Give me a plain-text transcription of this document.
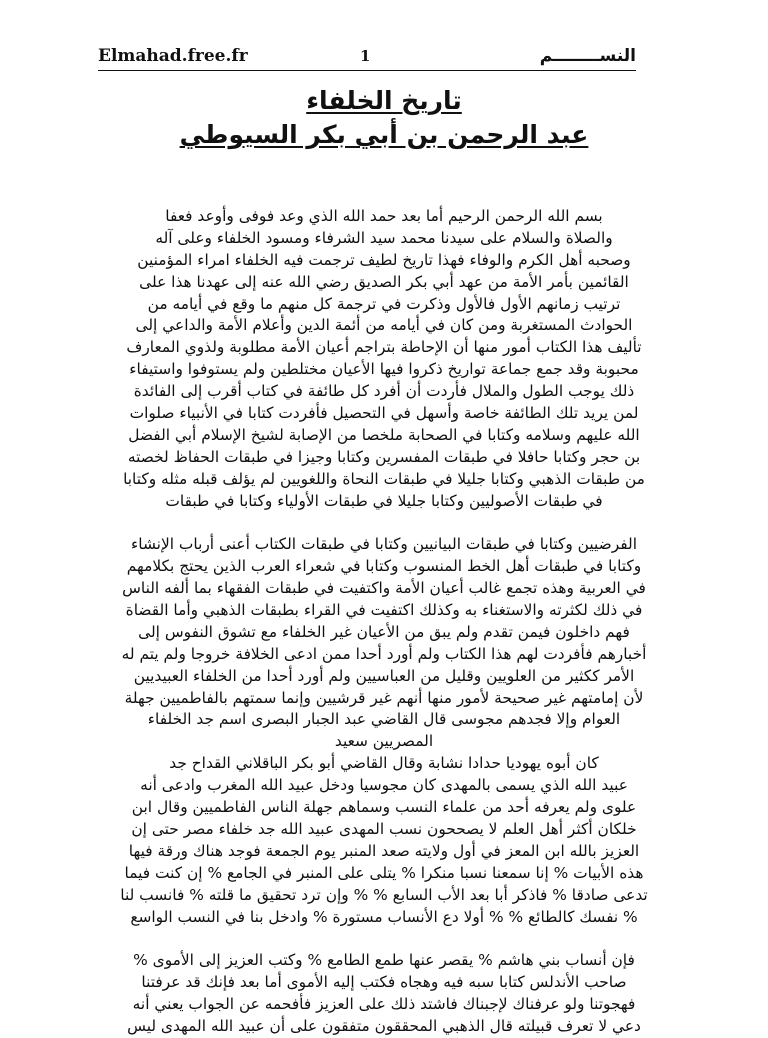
Elmahad.free.fr	1	النســــــــم
تاريخ الخلفاء
عبد الرحمن بن أبي بكر السيوطي
بسم الله الرحمن الرحيم أما بعد حمد الله الذي وعد فوفى وأوعد فعفا
والصلاة والسلام على سيدنا محمد سيد الشرفاء ومسود الخلفاء وعلى آله
وصحبه أهل الكرم والوفاء فهذا تاريخ لطيف ترجمت فيه الخلفاء امراء المؤمنين
القائمين بأمر الأمة من عهد أبي بكر الصديق رضي الله عنه إلى عهدنا هذا على
ترتيب زمانهم الأول فالأول وذكرت في ترجمة كل منهم ما وقع في أيامه من
الحوادث المستغربة ومن كان في أيامه من أئمة الدين وأعلام الأمة والداعي إلى
تأليف هذا الكتاب أمور منها أن الإحاطة بتراجم أعيان الأمة مطلوبة ولذوي المعارف
محبوبة وقد جمع جماعة تواريخ ذكروا فيها الأعيان مختلطين ولم يستوفوا واستيفاء
ذلك يوجب الطول والملال فأردت أن أفرد كل طائفة في كتاب أقرب إلى الفائدة
لمن يريد تلك الطائفة خاصة وأسهل في التحصيل فأفردت كتابا في الأنبياء صلوات
الله عليهم وسلامه وكتابا في الصحابة ملخصا من الإصابة لشيخ الإسلام أبي الفضل
بن حجر وكتابا حافلا في طبقات المفسرين وكتابا وجيزا في طبقات الحفاظ لخصته
من طبقات الذهبي وكتابا جليلا في طبقات النحاة واللغويين لم يؤلف قبله مثله وكتابا
في طبقات الأصوليين وكتابا جليلا في طبقات الأولياء وكتابا في طبقات
الفرضيين وكتابا في طبقات البيانيين وكتابا في طبقات الكتاب أعنى أرباب الإنشاء
وكتابا في طبقات أهل الخط المنسوب وكتابا في شعراء العرب الذين يحتج بكلامهم
في العربية وهذه تجمع غالب أعيان الأمة واكتفيت في طبقات الفقهاء بما ألفه الناس
في ذلك لكثرته والاستغناء به وكذلك اكتفيت في القراء بطبقات الذهبي وأما القضاة
فهم داخلون فيمن تقدم ولم يبق من الأعيان غير الخلفاء مع تشوق النفوس إلى
أخبارهم فأفردت لهم هذا الكتاب ولم أورد أحدا ممن ادعى الخلافة خروجا ولم يتم له
الأمر ككثير من العلويين وقليل من العباسيين ولم أورد أحدا من الخلفاء العبيديين
لأن إمامتهم غير صحيحة لأمور منها أنهم غير قرشيين وإنما سمتهم بالفاطميين جهلة
العوام وإلا فجدهم مجوسى قال القاضي عبد الجبار البصرى اسم جد الخلفاء
المصريين سعيد
كان أبوه يهوديا حدادا نشابة وقال القاضي أبو بكر الباقلاني القداح جد
عبيد الله الذي يسمى بالمهدى كان مجوسيا ودخل عبيد الله المغرب وادعى أنه
علوى ولم يعرفه أحد من علماء النسب وسماهم جهلة الناس الفاطميين وقال ابن
خلكان أكثر أهل العلم لا يصححون نسب المهدى عبيد الله جد خلفاء مصر حتى إن
العزيز بالله ابن المعز في أول ولايته صعد المنبر يوم الجمعة فوجد هناك ورقة فيها
هذه الأبيات % إنا سمعنا نسبا منكرا % يتلى على المنبر في الجامع % إن كنت فيما
تدعى صادقا % فاذكر أبا بعد الأب السابع % % وإن ترد تحقيق ما قلته % فانسب لنا
% نفسك كالطائع % % أولا دع الأنساب مستورة % وادخل بنا في النسب الواسع
فإن أنساب بني هاشم % يقصر عنها طمع الطامع % وكتب العزيز إلى الأموى %
صاحب الأندلس كتابا سبه فيه وهجاه فكتب إليه الأموى أما بعد فإنك قد عرفتنا
فهجوتنا ولو عرفناك لإجبناك فاشتد ذلك على العزيز فأفحمه عن الجواب يعني أنه
دعي لا تعرف قبيلته قال الذهبي المحققون متفقون على أن عبيد الله المهدى ليس
